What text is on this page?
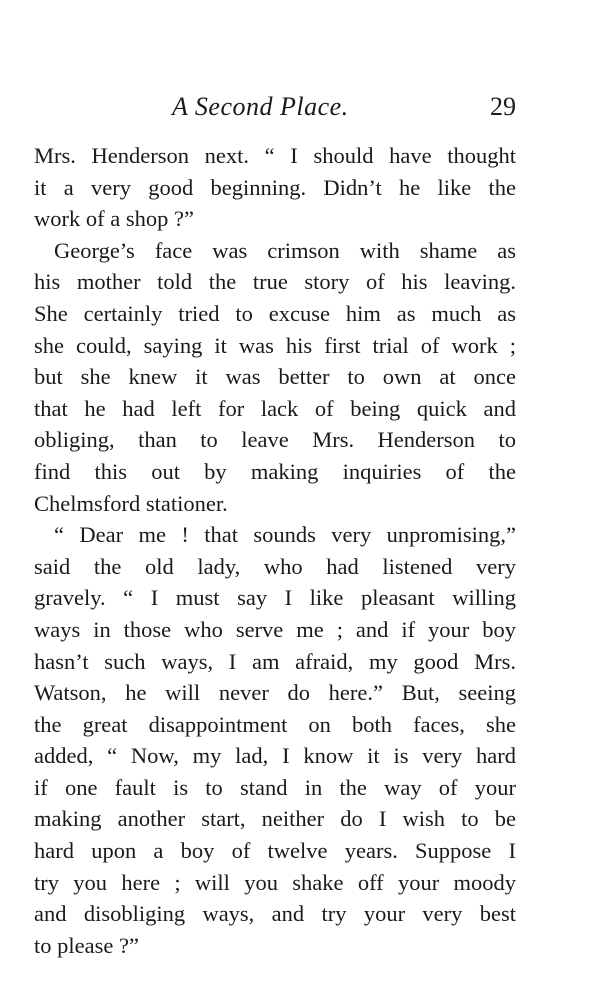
A Second Place.	29
Mrs. Henderson next. “ I should have thought
it a very good beginning. Didn’t he like the
work of a shop ?”
George’s face was crimson with shame as
his mother told the true story of his leaving.
She certainly tried to excuse him as much as
she could, saying it was his first trial of work ;
but she knew it was better to own at once
that he had left for lack of being quick and
obliging, than to leave Mrs. Henderson to
find this out by making inquiries of the
Chelmsford stationer.
“ Dear me ! that sounds very unpromising,”
said the old lady, who had listened very
gravely. “ I must say I like pleasant willing
ways in those who serve me ; and if your boy
hasn’t such ways, I am afraid, my good Mrs.
Watson, he will never do here.” But, seeing
the great disappointment on both faces, she
added, “ Now, my lad, I know it is very hard
if one fault is to stand in the way of your
making another start, neither do I wish to be
hard upon a boy of twelve years. Suppose I
try you here ; will you shake off your moody
and disobliging ways, and try your very best
to please ?”
